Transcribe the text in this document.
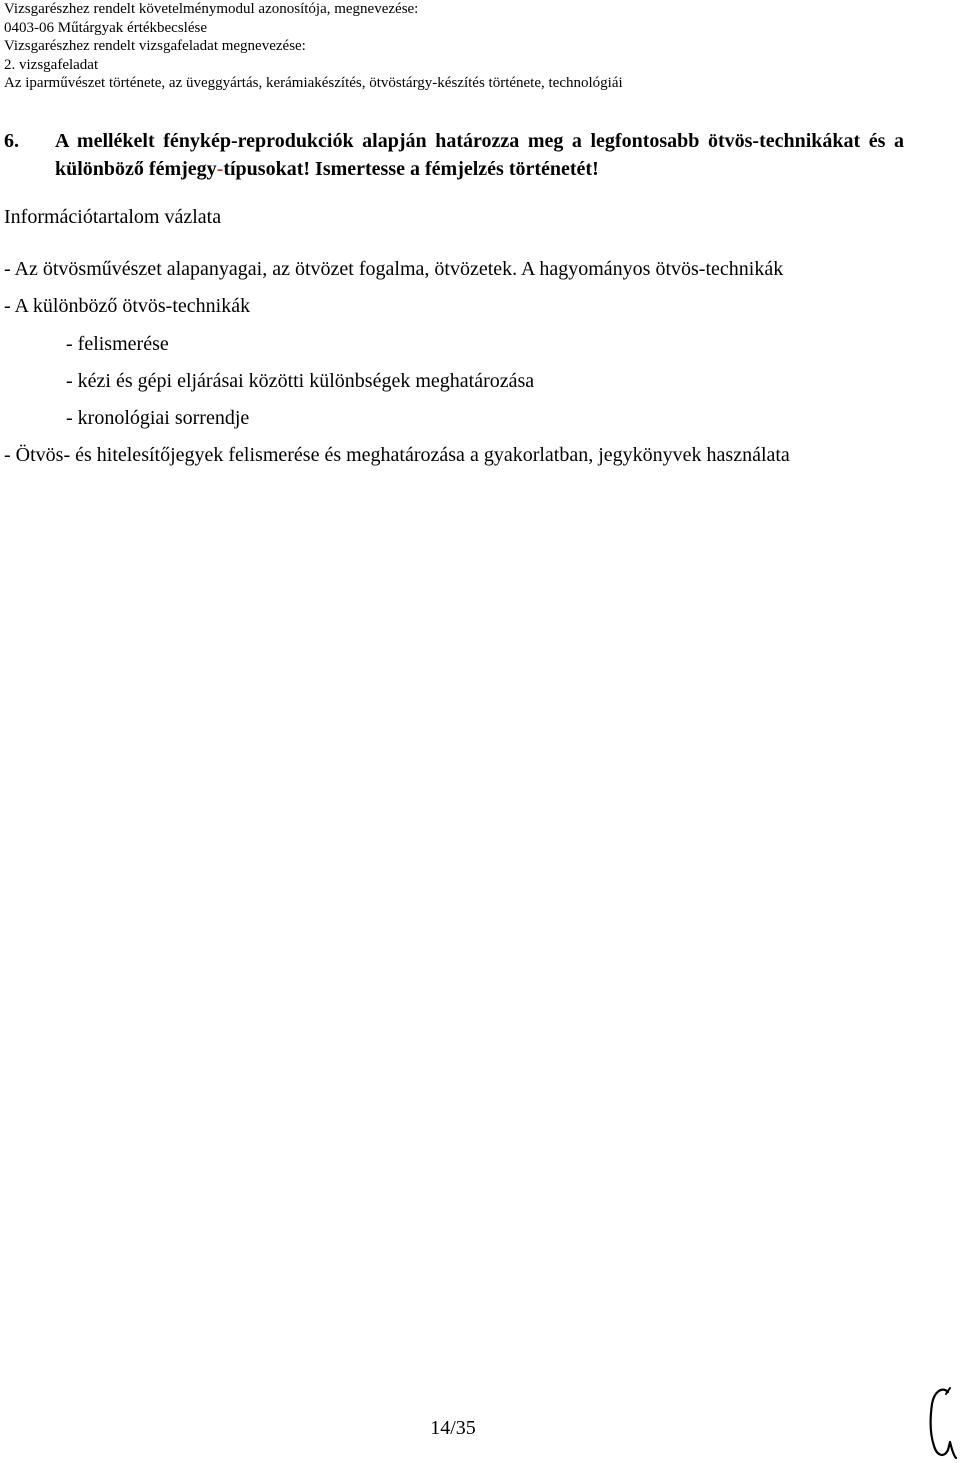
Vizsgarészhez rendelt követelménymodul azonosítója, megnevezése:
0403-06 Műtárgyak értékbecslése
Vizsgarészhez rendelt vizsgafeladat megnevezése:
2. vizsgafeladat
Az iparművészet története, az üveggyártás, kerámiakészítés, ötvöstárgy-készítés története, technológiái
6. A mellékelt fénykép-reprodukciók alapján határozza meg a legfontosabb ötvös-technikákat és a különböző fémjegy-típusokat! Ismertesse a fémjelzés történetét!
Információtartalom vázlata
- Az ötvösművészet alapanyagai, az ötvözet fogalma, ötvözetek. A hagyományos ötvös-technikák
- A különböző ötvös-technikák
- felismerése
- kézi és gépi eljárásai közötti különbségek meghatározása
- kronológiai sorrendje
- Ötvös- és hitelesítőjegyek felismerése és meghatározása a gyakorlatban, jegykönyvek használata
14/35
